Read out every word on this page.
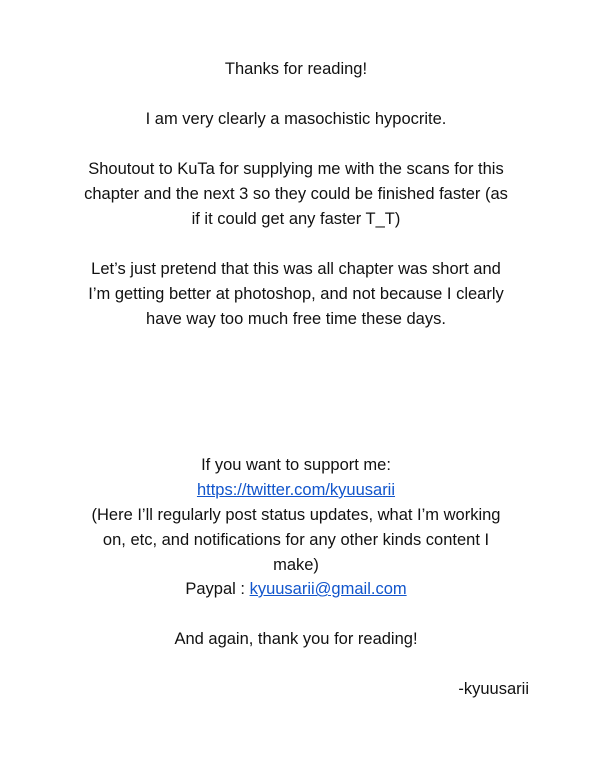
Thanks for reading!
I am very clearly a masochistic hypocrite.
Shoutout to KuTa for supplying me with the scans for this
chapter and the next 3 so they could be finished faster (as
if it could get any faster T_T)
Let’s just pretend that this was all chapter was short and
I’m getting better at photoshop, and not because I clearly
have way too much free time these days.
If you want to support me:
https://twitter.com/kyuusarii
(Here I’ll regularly post status updates, what I’m working
on, etc, and notifications for any other kinds content I
make)
Paypal : kyuusarii@gmail.com
And again, thank you for reading!
-kyuusarii
